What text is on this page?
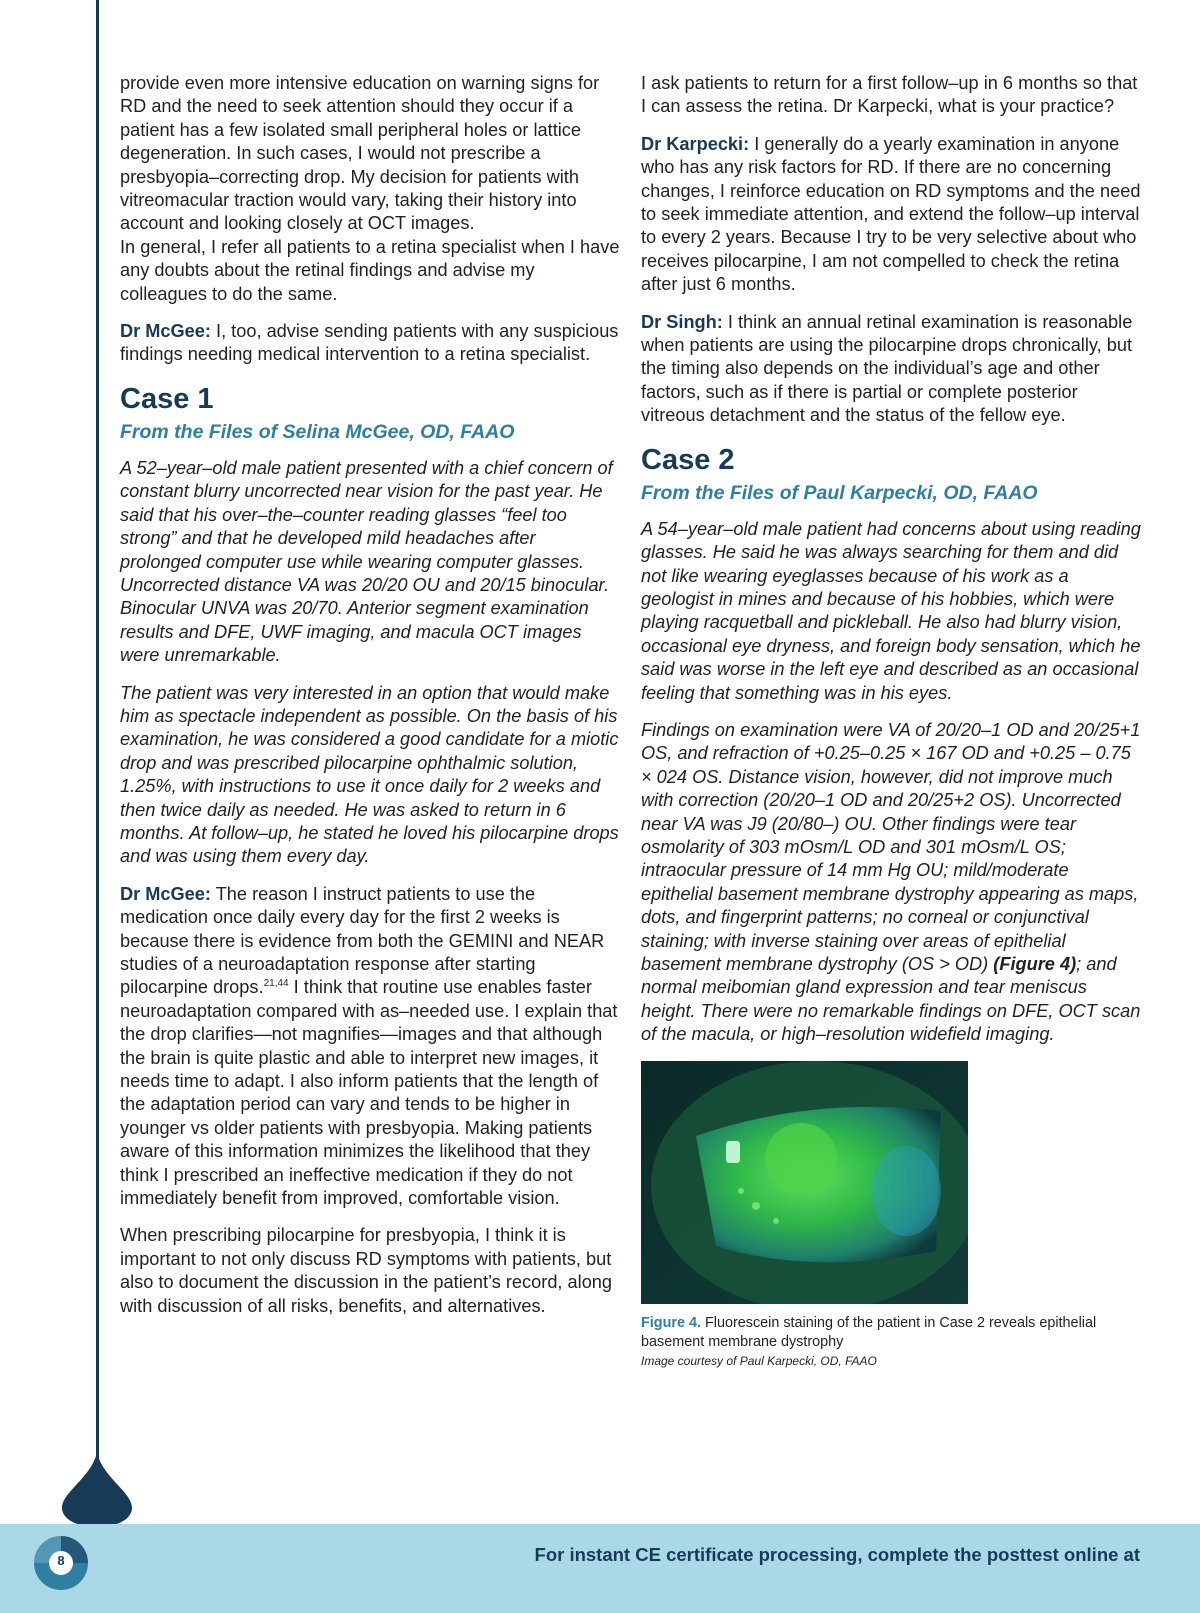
provide even more intensive education on warning signs for RD and the need to seek attention should they occur if a patient has a few isolated small peripheral holes or lattice degeneration. In such cases, I would not prescribe a presbyopia–correcting drop. My decision for patients with vitreomacular traction would vary, taking their history into account and looking closely at OCT images.

In general, I refer all patients to a retina specialist when I have any doubts about the retinal findings and advise my colleagues to do the same.

Dr McGee: I, too, advise sending patients with any suspicious findings needing medical intervention to a retina specialist.

Case 1
From the Files of Selina McGee, OD, FAAO

A 52–year–old male patient presented with a chief concern of constant blurry uncorrected near vision for the past year. He said that his over–the–counter reading glasses “feel too strong” and that he developed mild headaches after prolonged computer use while wearing computer glasses. Uncorrected distance VA was 20/20 OU and 20/15 binocular. Binocular UNVA was 20/70. Anterior segment examination results and DFE, UWF imaging, and macula OCT images were unremarkable.

The patient was very interested in an option that would make him as spectacle independent as possible. On the basis of his examination, he was considered a good candidate for a miotic drop and was prescribed pilocarpine ophthalmic solution, 1.25%, with instructions to use it once daily for 2 weeks and then twice daily as needed. He was asked to return in 6 months. At follow–up, he stated he loved his pilocarpine drops and was using them every day.

Dr McGee: The reason I instruct patients to use the medication once daily every day for the first 2 weeks is because there is evidence from both the GEMINI and NEAR studies of a neuroadaptation response after starting pilocarpine drops.$^{21,44}$ I think that routine use enables faster neuroadaptation compared with as–needed use. I explain that the drop clarifies—not magnifies—images and that although the brain is quite plastic and able to interpret new images, it needs time to adapt. I also inform patients that the length of the adaptation period can vary and tends to be higher in younger vs older patients with presbyopia. Making patients aware of this information minimizes the likelihood that they think I prescribed an ineffective medication if they do not immediately benefit from improved, comfortable vision.

When prescribing pilocarpine for presbyopia, I think it is important to not only discuss RD symptoms with patients, but also to document the discussion in the patient’s record, along with discussion of all risks, benefits, and alternatives.

I ask patients to return for a first follow–up in 6 months so that I can assess the retina. Dr Karpecki, what is your practice?

Dr Karpecki: I generally do a yearly examination in anyone who has any risk factors for RD. If there are no concerning changes, I reinforce education on RD symptoms and the need to seek immediate attention, and extend the follow–up interval to every 2 years. Because I try to be very selective about who receives pilocarpine, I am not compelled to check the retina after just 6 months.

Dr Singh: I think an annual retinal examination is reasonable when patients are using the pilocarpine drops chronically, but the timing also depends on the individual’s age and other factors, such as if there is partial or complete posterior vitreous detachment and the status of the fellow eye.

Case 2
From the Files of Paul Karpecki, OD, FAAO

A 54–year–old male patient had concerns about using reading glasses. He said he was always searching for them and did not like wearing eyeglasses because of his work as a geologist in mines and because of his hobbies, which were playing racquetball and pickleball. He also had blurry vision, occasional eye dryness, and foreign body sensation, which he said was worse in the left eye and described as an occasional feeling that something was in his eyes.

Findings on examination were VA of 20/20–1 OD and 20/25+1 OS, and refraction of +0.25–0.25 × 167 OD and +0.25 – 0.75 × 024 OS. Distance vision, however, did not improve much with correction (20/20–1 OD and 20/25+2 OS). Uncorrected near VA was J9 (20/80–) OU. Other findings were tear osmolarity of 303 mOsm/L OD and 301 mOsm/L OS; intraocular pressure of 14 mm Hg OU; mild/moderate epithelial basement membrane dystrophy appearing as maps, dots, and fingerprint patterns; no corneal or conjunctival staining; with inverse staining over areas of epithelial basement membrane dystrophy (OS > OD) (Figure 4); and normal meibomian gland expression and tear meniscus height. There were no remarkable findings on DFE, OCT scan of the macula, or high–resolution widefield imaging.

Figure 4. Fluorescein staining of the patient in Case 2 reveals epithelial basement membrane dystrophy

Image courtesy of Paul Karpecki, OD, FAAO

For instant CE certificate processing, complete the posttest online at
8
